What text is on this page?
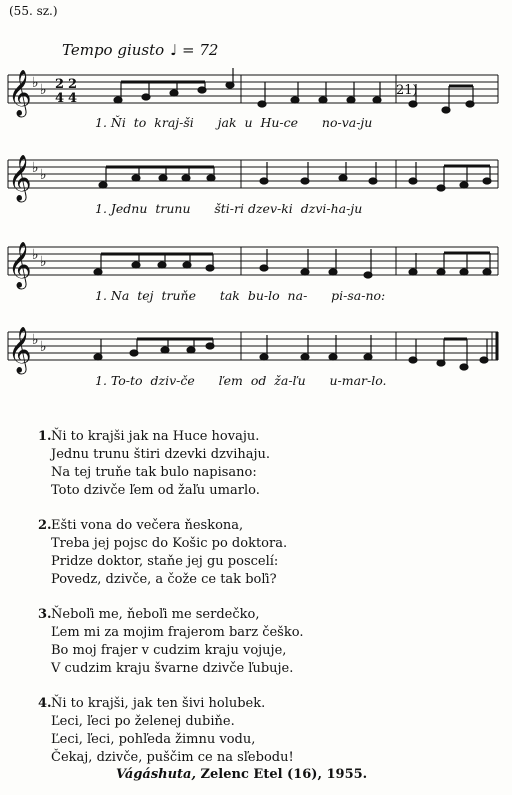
(55. sz.)
Tempo giusto ♩ = 72
21)
𝄞 ♭ ♭ 2
4
2
4
1. Ňi  to  kraj-ši      jak  u  Hu-ce      no-va-ju
𝄞 ♭ ♭
1. Jednu  trunu      šti-ri dzev-ki  dzvi-ha-ju
𝄞 ♭ ♭
1. Na  tej  truňe      tak  bu-lo  na-      pi-sa-no:
𝄞 ♭ ♭
1. To-to  dziv-če      ľem  od  ža-ľu      u-mar-lo.
1.Ňi to krajši jak na Huce hovaju.
Jednu trunu štiri dzevki dzvihaju.
Na tej truňe tak bulo napisano:
Toto dzivče ľem od žaľu umarlo.
2.Ešti vona do večera ňeskona,
Treba jej pojsc do Košic po doktora.
Pridze doktor, staňe jej gu poscelí:
Povedz, dzivče, a čože ce tak boľi?
3.Ňeboľi me, ňeboľi me serdečko,
Ľem mi za mojim frajerom barz češko.
Bo moj frajer v cudzim kraju vojuje,
V cudzim kraju švarne dzivče ľubuje.
4.Ňi to krajši, jak ten šivi holubek.
Ľeci, ľeci po želenej dubiňe.
Ľeci, ľeci, pohľeda žimnu vodu,
Čekaj, dzivče, puščim ce na sľebodu!
Vágáshuta, Zelenc Etel (16), 1955.
